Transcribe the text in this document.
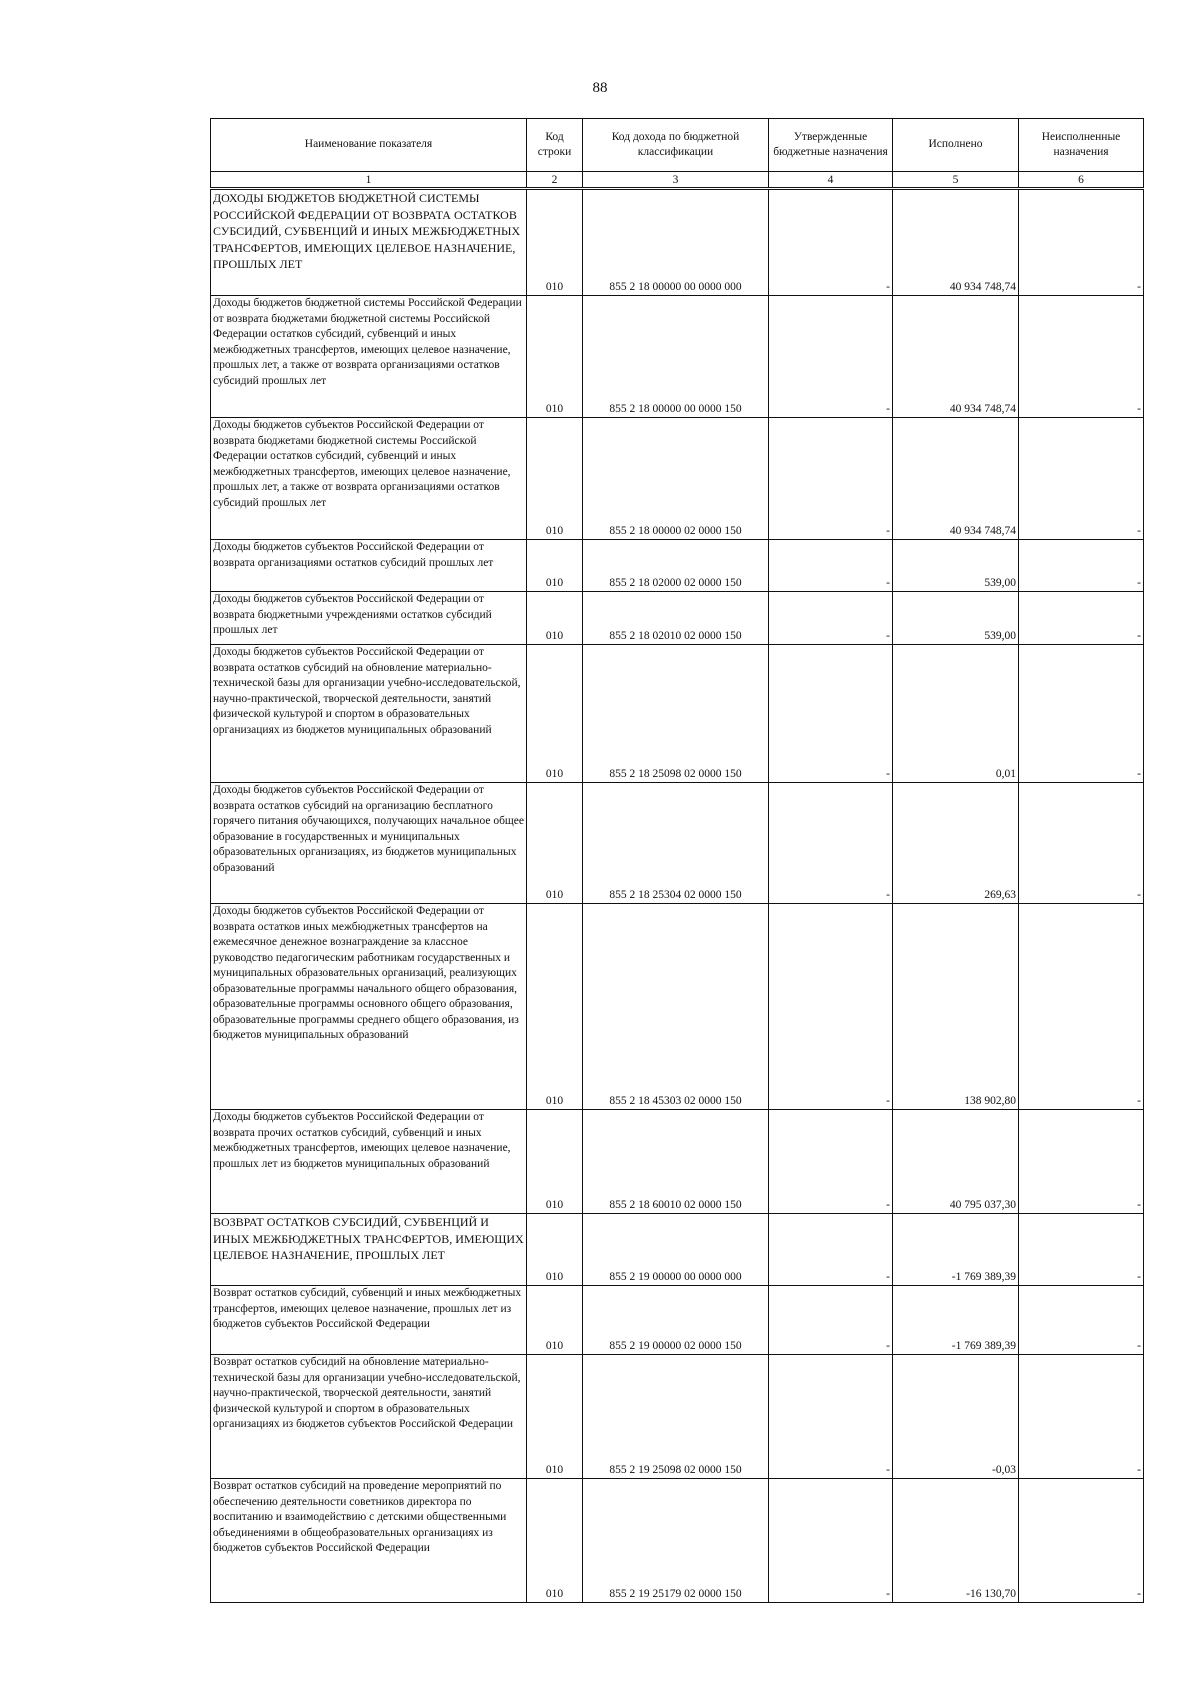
88
Наименование показателя	Код строки	Код дохода по бюджетной классификации	Утвержденные бюджетные назначения	Исполнено	Неисполненные назначения
1	2	3	4	5	6
ДОХОДЫ БЮДЖЕТОВ БЮДЖЕТНОЙ СИСТЕМЫ РОССИЙСКОЙ ФЕДЕРАЦИИ ОТ ВОЗВРАТА ОСТАТКОВ СУБСИДИЙ, СУБВЕНЦИЙ И ИНЫХ МЕЖБЮДЖЕТНЫХ ТРАНСФЕРТОВ, ИМЕЮЩИХ ЦЕЛЕВОЕ НАЗНАЧЕНИЕ, ПРОШЛЫХ ЛЕТ	010	855 2 18 00000 00 0000 000	-	40 934 748,74	-
Доходы бюджетов бюджетной системы Российской Федерации от возврата бюджетами бюджетной системы Российской Федерации остатков субсидий, субвенций и иных межбюджетных трансфертов, имеющих целевое назначение, прошлых лет, а также от возврата организациями остатков субсидий прошлых лет	010	855 2 18 00000 00 0000 150	-	40 934 748,74	-
Доходы бюджетов субъектов Российской Федерации от возврата бюджетами бюджетной системы Российской Федерации остатков субсидий, субвенций и иных межбюджетных трансфертов, имеющих целевое назначение, прошлых лет, а также от возврата организациями остатков субсидий прошлых лет	010	855 2 18 00000 02 0000 150	-	40 934 748,74	-
Доходы бюджетов субъектов Российской Федерации от возврата организациями остатков субсидий прошлых лет	010	855 2 18 02000 02 0000 150	-	539,00	-
Доходы бюджетов субъектов Российской Федерации от возврата бюджетными учреждениями остатков субсидий прошлых лет	010	855 2 18 02010 02 0000 150	-	539,00	-
Доходы бюджетов субъектов Российской Федерации от возврата остатков субсидий на обновление материально-технической базы для организации учебно-исследовательской, научно-практической, творческой деятельности, занятий физической культурой и спортом в образовательных организациях из бюджетов муниципальных образований	010	855 2 18 25098 02 0000 150	-	0,01	-
Доходы бюджетов субъектов Российской Федерации от возврата остатков субсидий на организацию бесплатного горячего питания обучающихся, получающих начальное общее образование в государственных и муниципальных образовательных организациях, из бюджетов муниципальных образований	010	855 2 18 25304 02 0000 150	-	269,63	-
Доходы бюджетов субъектов Российской Федерации от возврата остатков иных межбюджетных трансфертов на ежемесячное денежное вознаграждение за классное руководство педагогическим работникам государственных и муниципальных образовательных организаций, реализующих образовательные программы начального общего образования, образовательные программы основного общего образования, образовательные программы среднего общего образования, из бюджетов муниципальных образований	010	855 2 18 45303 02 0000 150	-	138 902,80	-
Доходы бюджетов субъектов Российской Федерации от возврата прочих остатков субсидий, субвенций и иных межбюджетных трансфертов, имеющих целевое назначение, прошлых лет из бюджетов муниципальных образований	010	855 2 18 60010 02 0000 150	-	40 795 037,30	-
ВОЗВРАТ ОСТАТКОВ СУБСИДИЙ, СУБВЕНЦИЙ И ИНЫХ МЕЖБЮДЖЕТНЫХ ТРАНСФЕРТОВ, ИМЕЮЩИХ ЦЕЛЕВОЕ НАЗНАЧЕНИЕ, ПРОШЛЫХ ЛЕТ	010	855 2 19 00000 00 0000 000	-	-1 769 389,39	-
Возврат остатков субсидий, субвенций и иных межбюджетных трансфертов, имеющих целевое назначение, прошлых лет из бюджетов субъектов Российской Федерации	010	855 2 19 00000 02 0000 150	-	-1 769 389,39	-
Возврат остатков субсидий на обновление материально-технической базы для организации учебно-исследовательской, научно-практической, творческой деятельности, занятий физической культурой и спортом в образовательных организациях из бюджетов субъектов Российской Федерации	010	855 2 19 25098 02 0000 150	-	-0,03	-
Возврат остатков субсидий на проведение мероприятий по обеспечению деятельности советников директора по воспитанию и взаимодействию с детскими общественными объединениями в общеобразовательных организациях из бюджетов субъектов Российской Федерации	010	855 2 19 25179 02 0000 150	-	-16 130,70	-
